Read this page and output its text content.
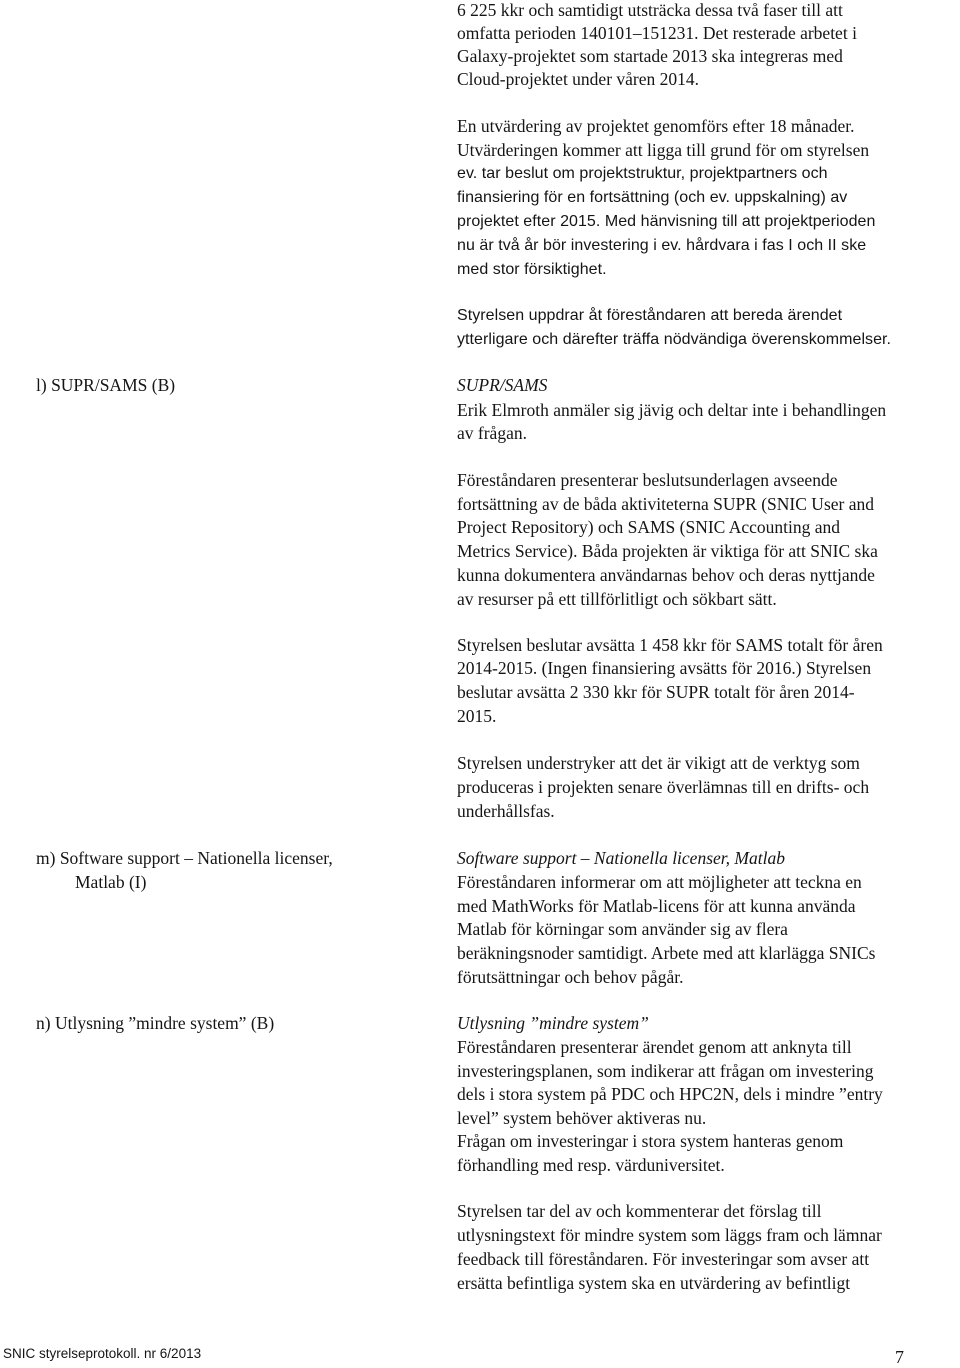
6 225 kkr och samtidigt utsträcka dessa två faser till att
omfatta perioden 140101–151231. Det resterade arbetet i
Galaxy-projektet som startade 2013 ska integreras med
Cloud-projektet under våren 2014.
En utvärdering av projektet genomförs efter 18 månader.
Utvärderingen kommer att ligga till grund för om styrelsen
ev. tar beslut om projektstruktur, projektpartners och
finansiering för en fortsättning (och ev. uppskalning) av
projektet efter 2015. Med hänvisning till att projektperioden
nu är två år bör investering i ev. hårdvara i fas I och II ske
med stor försiktighet.
Styrelsen uppdrar åt föreståndaren att bereda ärendet
ytterligare och därefter träffa nödvändiga överenskommelser.
l) SUPR/SAMS (B)	SUPR/SAMS
Erik Elmroth anmäler sig jävig och deltar inte i behandlingen
av frågan.
Föreståndaren presenterar beslutsunderlagen avseende
fortsättning av de båda aktiviteterna SUPR (SNIC User and
Project Repository) och SAMS (SNIC Accounting and
Metrics Service). Båda projekten är viktiga för att SNIC ska
kunna dokumentera användarnas behov och deras nyttjande
av resurser på ett tillförlitligt och sökbart sätt.
Styrelsen beslutar avsätta 1 458 kkr för SAMS totalt för åren
2014-2015. (Ingen finansiering avsätts för 2016.) Styrelsen
beslutar avsätta 2 330 kkr för SUPR totalt för åren 2014-
2015.
Styrelsen understryker att det är vikigt att de verktyg som
produceras i projekten senare överlämnas till en drifts- och
underhållsfas.
m) Software support – Nationella licenser,
Matlab (I)
Software support – Nationella licenser, Matlab
Föreståndaren informerar om att möjligheter att teckna en
med MathWorks för Matlab-licens för att kunna använda
Matlab för körningar som använder sig av flera
beräkningsnoder samtidigt. Arbete med att klarlägga SNICs
förutsättningar och behov pågår.
n) Utlysning ”mindre system” (B)	Utlysning ”mindre system”
Föreståndaren presenterar ärendet genom att anknyta till
investeringsplanen, som indikerar att frågan om investering
dels i stora system på PDC och HPC2N, dels i mindre ”entry
level” system behöver aktiveras nu.
Frågan om investeringar i stora system hanteras genom
förhandling med resp. värduniversitet.
Styrelsen tar del av och kommenterar det förslag till
utlysningstext för mindre system som läggs fram och lämnar
feedback till föreståndaren. För investeringar som avser att
ersätta befintliga system ska en utvärdering av befintligt
SNIC styrelseprotokoll. nr 6/2013	7
